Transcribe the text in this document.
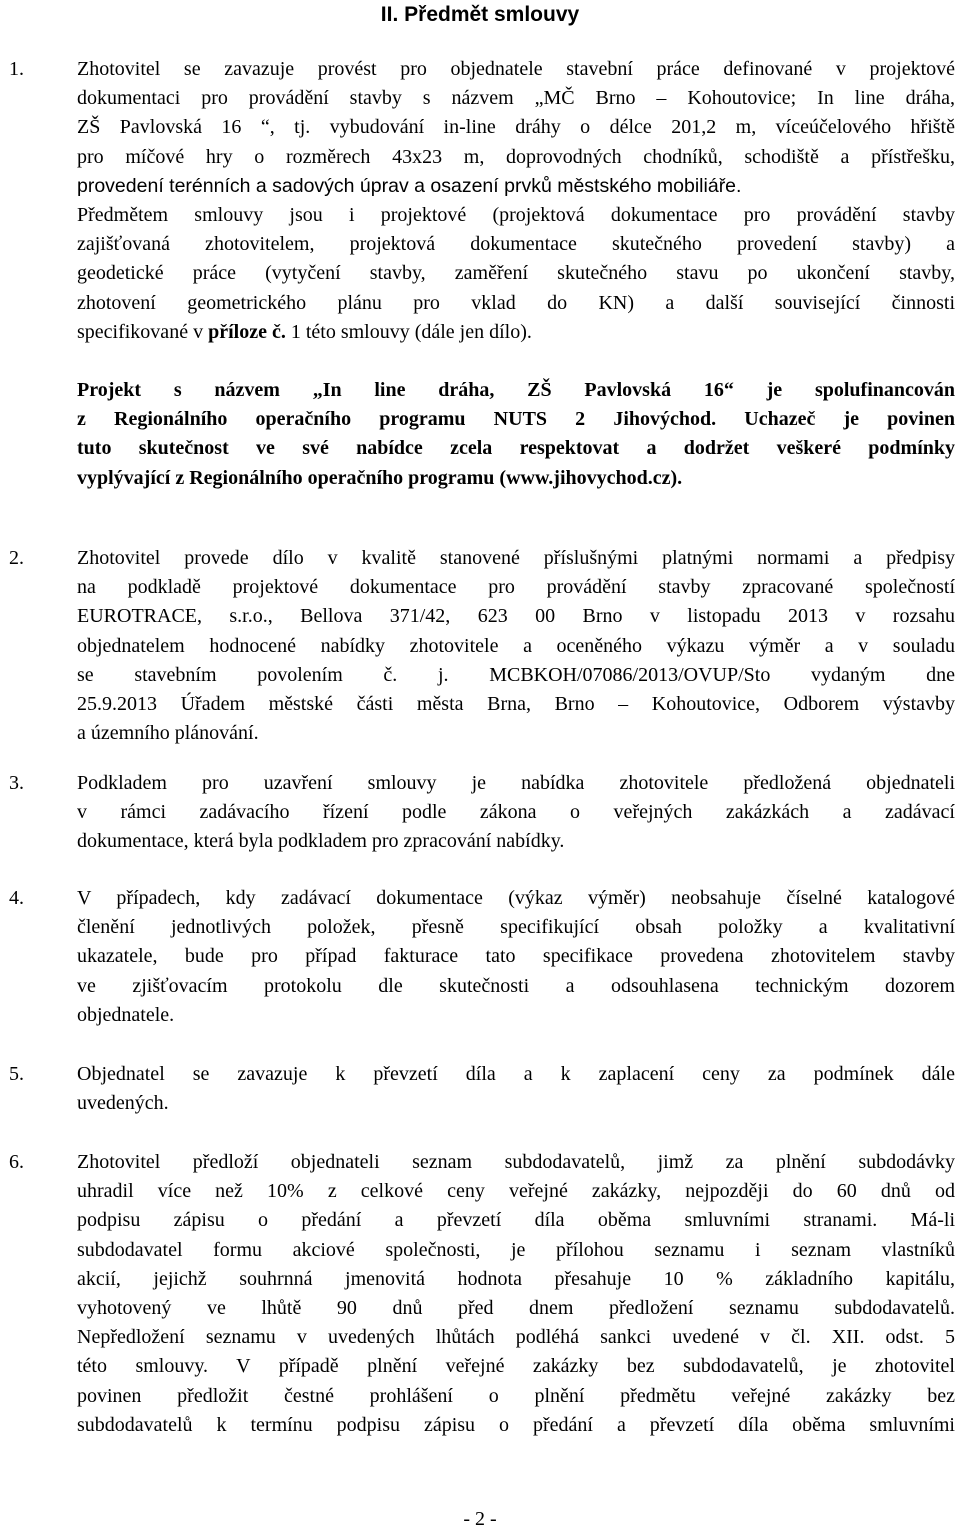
II. Předmět smlouvy
1.	Zhotovitel se zavazuje provést pro objednatele stavební práce definované v projektové
dokumentaci pro provádění stavby s názvem „MČ Brno – Kohoutovice; In line dráha,
ZŠ Pavlovská 16 “, tj. vybudování in-line dráhy o délce 201,2 m, víceúčelového hřiště
pro míčové hry o rozměrech 43x23 m, doprovodných chodníků, schodiště a přístřešku,
provedení terénních a sadových úprav a osazení prvků městského mobiliáře.
Předmětem smlouvy jsou i projektové (projektová dokumentace pro provádění stavby
zajišťovaná zhotovitelem, projektová dokumentace skutečného provedení stavby) a
geodetické práce (vytyčení stavby, zaměření skutečného stavu po ukončení stavby,
zhotovení geometrického plánu pro vklad do KN) a další související činnosti
specifikované v příloze č. 1 této smlouvy (dále jen dílo).
Projekt s názvem „In line dráha, ZŠ Pavlovská 16“ je spolufinancován
z Regionálního operačního programu NUTS 2 Jihovýchod. Uchazeč je povinen
tuto skutečnost ve své nabídce zcela respektovat a dodržet veškeré podmínky
vyplývající z Regionálního operačního programu (www.jihovychod.cz).
2.	Zhotovitel provede dílo v kvalitě stanovené příslušnými platnými normami a předpisy
na podkladě projektové dokumentace pro provádění stavby zpracované společností
EUROTRACE, s.r.o., Bellova 371/42, 623 00 Brno v listopadu 2013 v rozsahu
objednatelem hodnocené nabídky zhotovitele a oceněného výkazu výměr a v souladu
se stavebním povolením č. j. MCBKOH/07086/2013/OVUP/Sto vydaným dne
25.9.2013 Úřadem městské části města Brna, Brno – Kohoutovice, Odborem výstavby
a územního plánování.
3.	Podkladem pro uzavření smlouvy je nabídka zhotovitele předložená objednateli
v rámci zadávacího řízení podle zákona o veřejných zakázkách a zadávací
dokumentace, která byla podkladem pro zpracování nabídky.
4.	V případech, kdy zadávací dokumentace (výkaz výměr) neobsahuje číselné katalogové
členění jednotlivých položek, přesně specifikující obsah položky a kvalitativní
ukazatele, bude pro případ fakturace tato specifikace provedena zhotovitelem stavby
ve zjišťovacím protokolu dle skutečnosti a odsouhlasena technickým dozorem
objednatele.
5.	Objednatel se zavazuje k převzetí díla a k zaplacení ceny za podmínek dále
uvedených.
6.	Zhotovitel předloží objednateli seznam subdodavatelů, jimž za plnění subdodávky
uhradil více než 10% z celkové ceny veřejné zakázky, nejpozději do 60 dnů od
podpisu zápisu o předání a převzetí díla oběma smluvními stranami. Má-li
subdodavatel formu akciové společnosti, je přílohou seznamu i seznam vlastníků
akcií, jejichž souhrnná jmenovitá hodnota přesahuje 10 % základního kapitálu,
vyhotovený ve lhůtě 90 dnů před dnem předložení seznamu subdodavatelů.
Nepředložení seznamu v uvedených lhůtách podléhá sankci uvedené v čl. XII. odst. 5
této smlouvy. V případě plnění veřejné zakázky bez subdodavatelů, je zhotovitel
povinen předložit čestné prohlášení o plnění předmětu veřejné zakázky bez
subdodavatelů k termínu podpisu zápisu o předání a převzetí díla oběma smluvními
- 2 -
